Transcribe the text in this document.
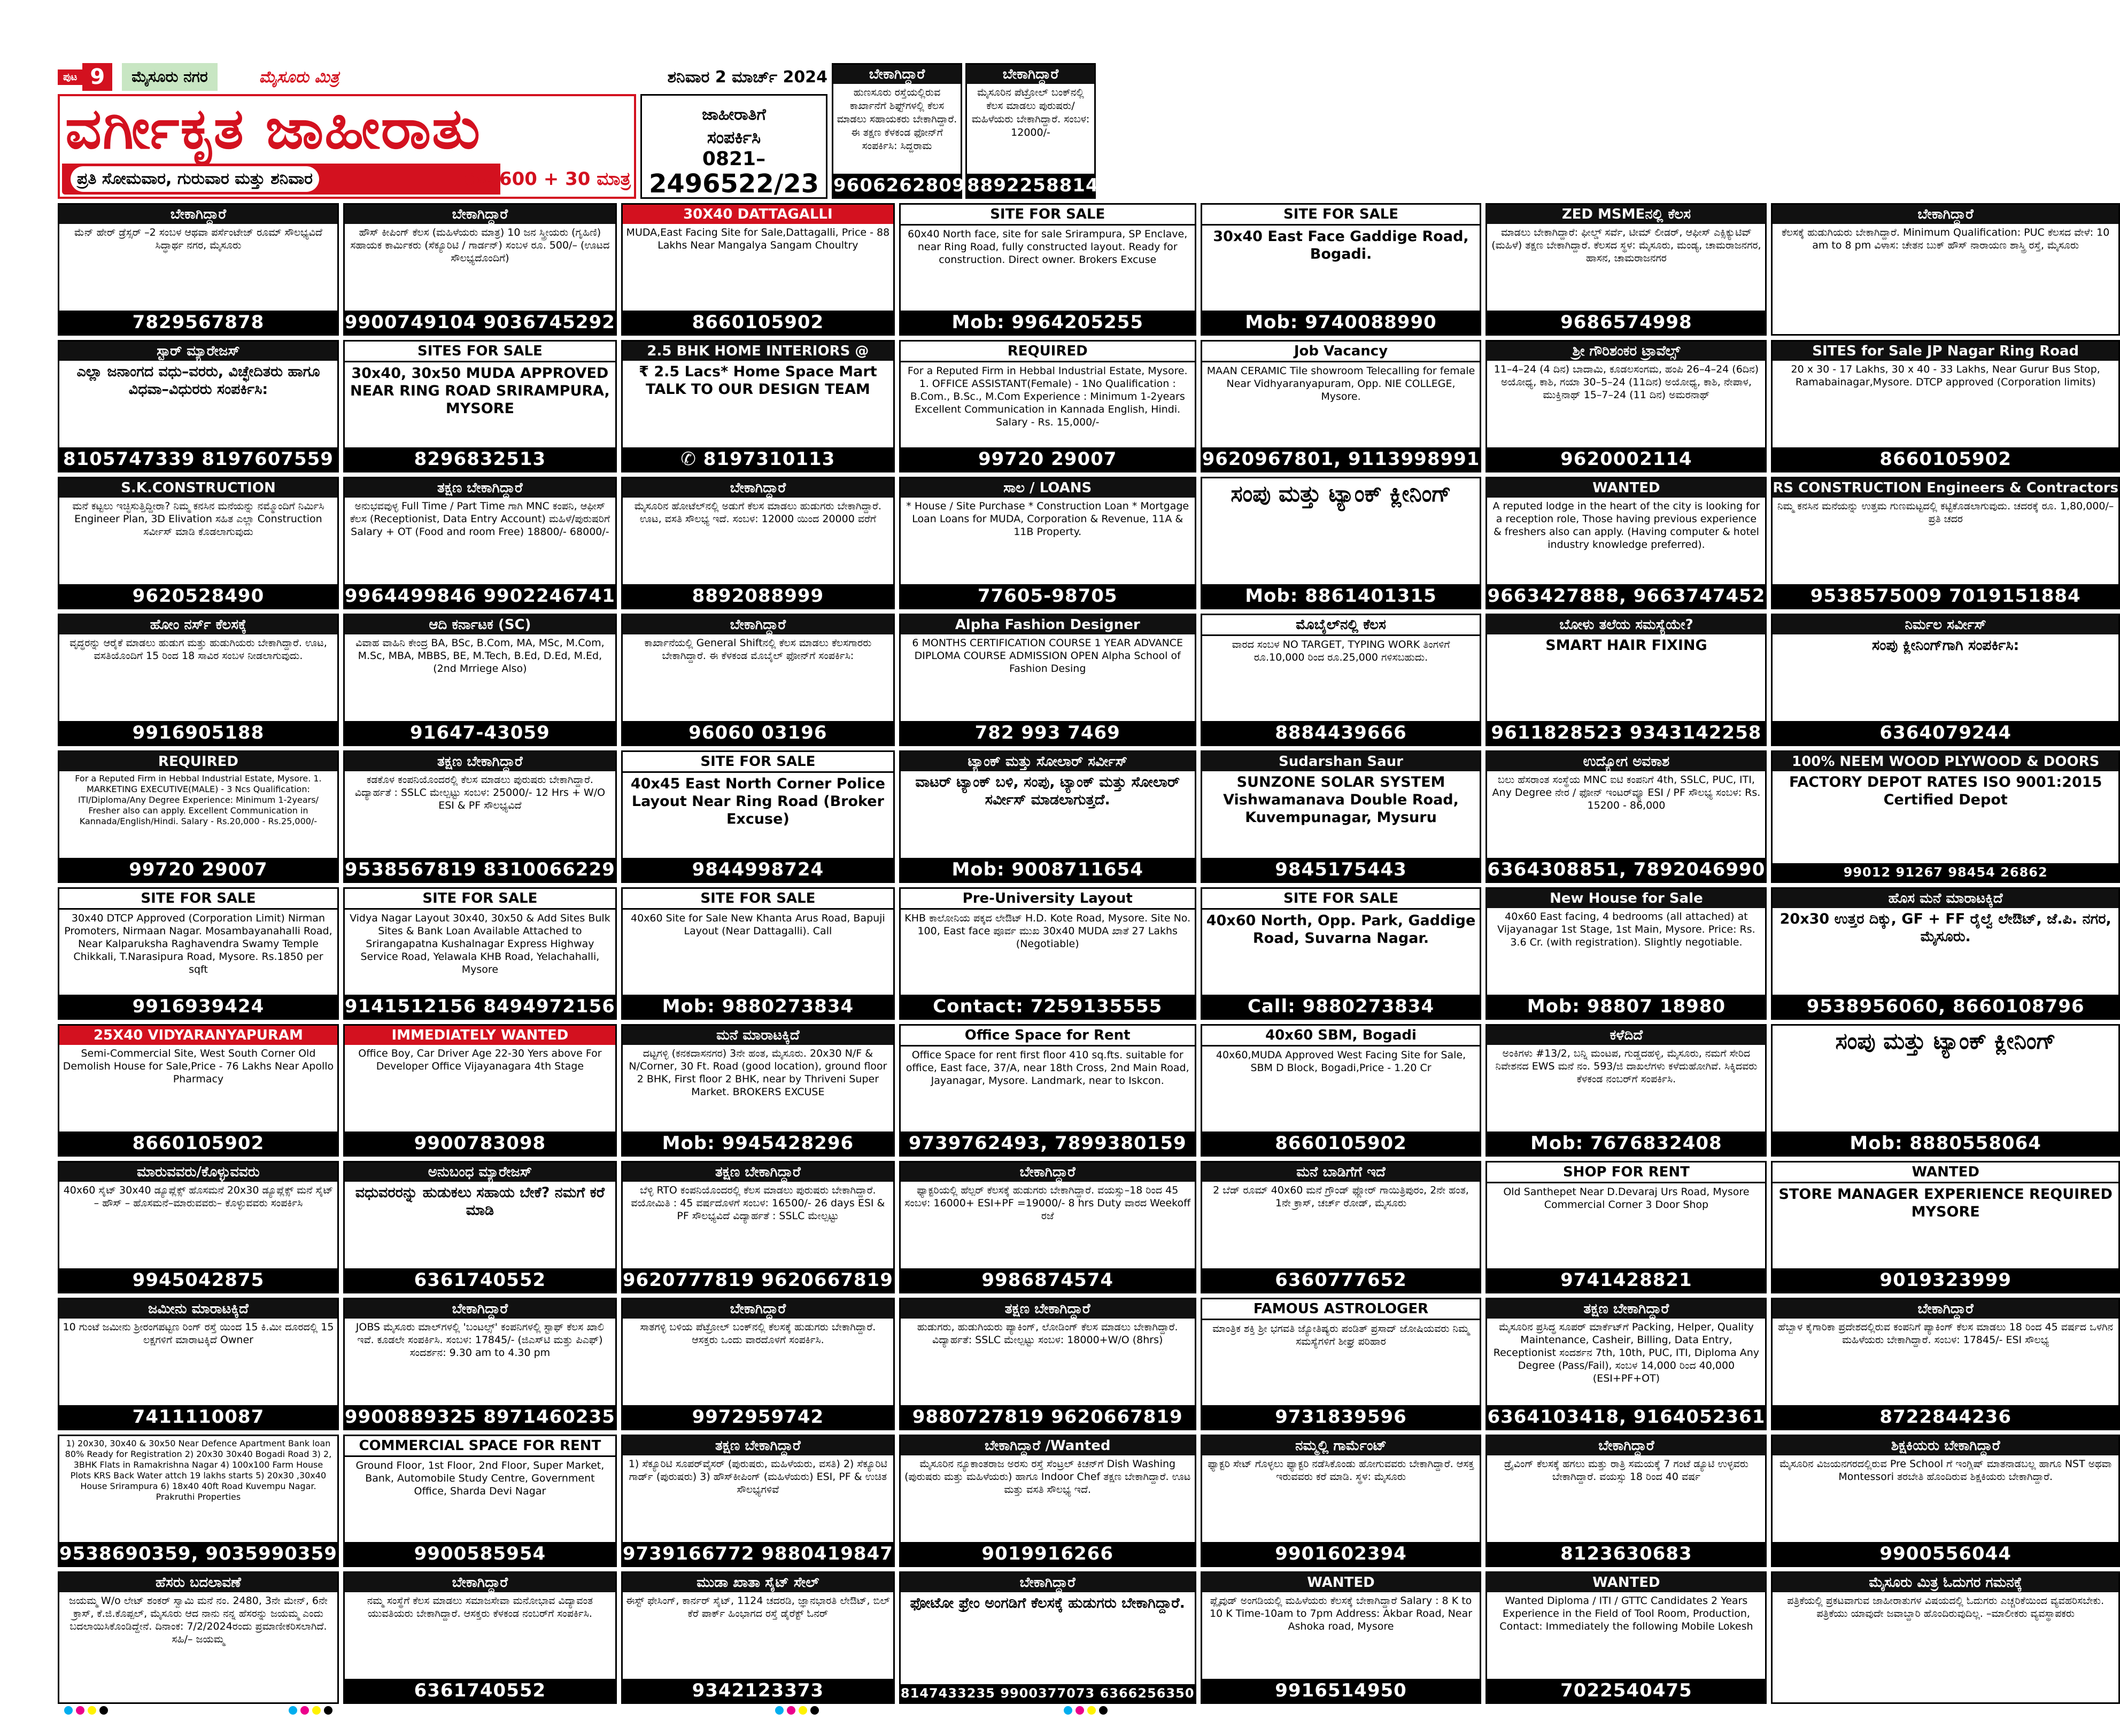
ಪುಟ 9	ಮೈಸೂರು ನಗರ	ಮೈಸೂರು ಮಿತ್ರ	ಶನಿವಾರ 2 ಮಾರ್ಚ್ 2024
ವರ್ಗೀಕೃತ ಜಾಹೀರಾತು
ಪ್ರತಿ ಸೋಮವಾರ, ಗುರುವಾರ ಮತ್ತು ಶನಿವಾರ	ರೂ. 600 + 30 ಮಾತ್ರ
ಜಾಹೀರಾತಿಗೆ
ಸಂಪರ್ಕಿಸಿ
0821–
2496522/23
ಬೇಕಾಗಿದ್ದಾರೆ
ಹುಣಸೂರು ರಸ್ತೆಯಲ್ಲಿರುವ ಕಾರ್ಖಾನೆಗೆ ಶಿಫ್ಟ್‌ಗಳಲ್ಲಿ ಕೆಲಸ ಮಾಡಲು ಸಹಾಯಕರು ಬೇಕಾಗಿದ್ದಾರೆ. ಈ ತಕ್ಷಣ ಕೆಳಕಂಡ ಫೋನ್‌ಗೆ ಸಂಪರ್ಕಿಸಿ: ಸಿದ್ದರಾಮ
9606262809
ಬೇಕಾಗಿದ್ದಾರೆ
ಮೈಸೂರಿನ ಪೆಟ್ರೋಲ್ ಬಂಕ್‌ನಲ್ಲಿ ಕೆಲಸ ಮಾಡಲು ಪುರುಷರು/ಮಹಿಳೆಯರು ಬೇಕಾಗಿದ್ದಾರೆ. ಸಂಬಳ: 12000/-
8892258814
ಬೇಕಾಗಿದ್ದಾರೆ
ಮೆನ್ ಹೇರ್ ಡ್ರೆಸ್ಸರ್ –2 ಸಂಬಳ ಆಥವಾ ಪರ್ಸೆಂಟೇಜ್ ರೂಮ್ ಸೌಲಭ್ಯವಿದೆ ಸಿದ್ಧಾರ್ಥ ನಗರ, ಮೈಸೂರು
7829567878
ಬೇಕಾಗಿದ್ದಾರೆ
ಹೌಸ್ ಕೀಪಿಂಗ್ ಕೆಲಸ (ಮಹಿಳೆಯರು ಮಾತ್ರ) 10 ಜನ ಸ್ತ್ರೀಯರು (ಗೃಹಿಣಿ) ಸಹಾಯಕ ಕಾರ್ಮಿಕರು (ಸೆಕ್ಯೂರಿಟಿ / ಗಾರ್ಡನ್) ಸಂಬಳ ರೂ. 500/– (ಊಟದ ಸೌಲಭ್ಯದೊಂದಿಗೆ)
9900749104 9036745292
30X40 DATTAGALLI
MUDA,East Facing Site for Sale,Dattagalli, Price - 88 Lakhs Near Mangalya Sangam Choultry
8660105902
SITE FOR SALE
60x40 North face, site for sale Srirampura, SP Enclave, near Ring Road, fully constructed layout. Ready for construction. Direct owner. Brokers Excuse
Mob: 9964205255
SITE FOR SALE
30x40 East Face Gaddige Road, Bogadi.
Mob: 9740088990
ZED MSMEನಲ್ಲಿ ಕೆಲಸ
ಮಾಡಲು ಬೇಕಾಗಿದ್ದಾರೆ: ಫೀಲ್ಡ್ ಸರ್ವೆ, ಟೀಮ್ ಲೀಡರ್, ಆಫೀಸ್ ಎಕ್ಸಿಕ್ಯುಟಿವ್ (ಮಹಿಳೆ) ತಕ್ಷಣ ಬೇಕಾಗಿದ್ದಾರೆ. ಕೆಲಸದ ಸ್ಥಳ: ಮೈಸೂರು, ಮಂಡ್ಯ, ಚಾಮರಾಜನಗರ, ಹಾಸನ, ಚಾಮರಾಜನಗರ
9686574998
ಬೇಕಾಗಿದ್ದಾರೆ
ಕೆಲಸಕ್ಕೆ ಹುಡುಗಿಯರು ಬೇಕಾಗಿದ್ದಾರೆ. Minimum Qualification: PUC ಕೆಲಸದ ವೇಳೆ: 10 am to 8 pm ವಿಳಾಸ: ಚೇತನ ಬುಕ್ ಹೌಸ್ ನಾರಾಯಣ ಶಾಸ್ತ್ರಿ ರಸ್ತೆ, ಮೈಸೂರು
ಸ್ಟಾರ್ ಮ್ಯಾರೇಜಸ್
ಎಲ್ಲಾ ಜನಾಂಗದ ವಧು–ವರರು, ವಿಚ್ಛೇದಿತರು ಹಾಗೂ ವಿಧವಾ–ವಿಧುರರು ಸಂಪರ್ಕಿಸಿ:
8105747339 8197607559
SITES FOR SALE
30x40, 30x50 MUDA APPROVED NEAR RING ROAD SRIRAMPURA, MYSORE
8296832513
2.5 BHK HOME INTERIORS @
₹ 2.5 Lacs* Home Space Mart TALK TO OUR DESIGN TEAM
✆ 8197310113
REQUIRED
For a Reputed Firm in Hebbal Industrial Estate, Mysore. 1. OFFICE ASSISTANT(Female) - 1No Qualification : B.Com., B.Sc., M.Com Experience : Minimum 1-2years Excellent Communication in Kannada English, Hindi. Salary - Rs. 15,000/-
99720 29007
Job Vacancy
MAAN CERAMIC Tile showroom Telecalling for female Near Vidhyaranyapuram, Opp. NIE COLLEGE, Mysore.
9620967801, 9113998991
ಶ್ರೀ ಗೌರಿಶಂಕರ ಟ್ರಾವೆಲ್ಸ್
11–4–24 (4 ದಿನ) ಬಾದಾಮಿ, ಕೂಡಲಸಂಗಮ, ಹಂಪಿ 26–4–24 (6ದಿನ) ಅಯೋಧ್ಯ, ಕಾಶಿ, ಗಯಾ 30–5–24 (11ದಿನ) ಅಯೋಧ್ಯ, ಕಾಶಿ, ನೇಪಾಳ, ಮುಕ್ತಿನಾಥ್ 15–7–24 (11 ದಿನ) ಅಮರನಾಥ್
9620002114
SITES for Sale JP Nagar Ring Road
20 x 30 - 17 Lakhs, 30 x 40 - 33 Lakhs, Near Gurur Bus Stop, Ramabainagar,Mysore. DTCP approved (Corporation limits)
8660105902
S.K.CONSTRUCTION
ಮನೆ ಕಟ್ಟಲು ಇಚ್ಛಿಸುತ್ತಿದ್ದೀರಾ? ನಿಮ್ಮ ಕನಸಿನ ಮನೆಯನ್ನು ನಮ್ಮೊಂದಿಗೆ ನಿರ್ಮಿಸಿ Engineer Plan, 3D Elivation ಸಹಿತ ಎಲ್ಲಾ Construction ಸರ್ವೀಸ್ ಮಾಡಿ ಕೊಡಲಾಗುವುದು
9620528490
ತಕ್ಷಣ ಬೇಕಾಗಿದ್ದಾರೆ
ಅನುಭವವುಳ್ಳ Full Time / Part Time ಗಾಗಿ MNC ಕಂಪನಿ, ಆಫೀಸ್ ಕೆಲಸ (Receptionist, Data Entry Account) ಮಹಿಳೆ/ಪುರುಷರಿಗೆ Salary + OT (Food and room Free) 18800/- 68000/-
9964499846 9902246741
ಬೇಕಾಗಿದ್ದಾರೆ
ಮೈಸೂರಿನ ಹೋಟೆಲ್‌ನಲ್ಲಿ ಅಡುಗೆ ಕೆಲಸ ಮಾಡಲು ಹುಡುಗರು ಬೇಕಾಗಿದ್ದಾರೆ. ಊಟ, ವಸತಿ ಸೌಲಭ್ಯ ಇದೆ. ಸಂಬಳ: 12000 ಯಿಂದ 20000 ವರೆಗೆ
8892088999
ಸಾಲ / LOANS
* House / Site Purchase * Construction Loan * Mortgage Loan Loans for MUDA, Corporation & Revenue, 11A & 11B Property.
77605-98705
ಸಂಪು ಮತ್ತು ಟ್ಯಾಂಕ್ ಕ್ಲೀನಿಂಗ್
Mob: 8861401315
WANTED
A reputed lodge in the heart of the city is looking for a reception role, Those having previous experience & freshers also can apply. (Having computer & hotel industry knowledge preferred).
9663427888, 9663747452
RS CONSTRUCTION Engineers & Contractors
ನಿಮ್ಮ ಕನಸಿನ ಮನೆಯನ್ನು ಉತ್ತಮ ಗುಣಮಟ್ಟದಲ್ಲಿ ಕಟ್ಟಿಕೊಡಲಾಗುವುದು. ಚದರಕ್ಕೆ ರೂ. 1,80,000/– ಪ್ರತಿ ಚದರ
9538575009 7019151884
ಹೋಂ ನರ್ಸ್ ಕೆಲಸಕ್ಕೆ
ವೃದ್ಧರನ್ನು ಆರೈಕೆ ಮಾಡಲು ಹುಡುಗ ಮತ್ತು ಹುಡುಗಿಯರು ಬೇಕಾಗಿದ್ದಾರೆ. ಊಟ, ವಸತಿಯೊಂದಿಗೆ 15 ರಿಂದ 18 ಸಾವಿರ ಸಂಬಳ ನೀಡಲಾಗುವುದು.
9916905188
ಆದಿ ಕರ್ನಾಟಕ (SC)
ವಿವಾಹ ವಾಹಿನಿ ಕೇಂದ್ರ BA, BSc, B.Com, MA, MSc, M.Com, M.Sc, MBA, MBBS, BE, M.Tech, B.Ed, D.Ed, M.Ed, (2nd Mrriege Also)
91647-43059
ಬೇಕಾಗಿದ್ದಾರೆ
ಕಾರ್ಖಾನೆಯಲ್ಲಿ General Shiftನಲ್ಲಿ ಕೆಲಸ ಮಾಡಲು ಕೆಲಸಗಾರರು ಬೇಕಾಗಿದ್ದಾರೆ. ಈ ಕೆಳಕಂಡ ಮೊಬೈಲ್ ಫೋನ್‌ಗೆ ಸಂಪರ್ಕಿಸಿ:
96060 03196
Alpha Fashion Designer
6 MONTHS CERTIFICATION COURSE 1 YEAR ADVANCE DIPLOMA COURSE ADMISSION OPEN Alpha School of Fashion Desing
782 993 7469
ಮೊಬೈಲ್‌ನಲ್ಲಿ ಕೆಲಸ
ವಾರದ ಸಂಬಳ NO TARGET, TYPING WORK ತಿಂಗಳಿಗೆ ರೂ.10,000 ರಿಂದ ರೂ.25,000 ಗಳಿಸಬಹುದು.
8884439666
ಬೋಳು ತಲೆಯ ಸಮಸ್ಯೆಯೇ?
SMART HAIR FIXING
9611828523 9343142258
ನಿರ್ಮಲ ಸರ್ವೀಸ್
ಸಂಪು ಕ್ಲೀನಿಂಗ್‌ಗಾಗಿ ಸಂಪರ್ಕಿಸಿ:
6364079244
REQUIRED
For a Reputed Firm in Hebbal Industrial Estate, Mysore. 1. MARKETING EXECUTIVE(MALE) - 3 Ncs Qualification: ITI/Diploma/Any Degree Experience: Minimum 1-2years/ Fresher also can apply. Excellent Communication in Kannada/English/Hindi. Salary - Rs.20,000 - Rs.25,000/-
99720 29007
ತಕ್ಷಣ ಬೇಕಾಗಿದ್ದಾರೆ
ಕಡಕೊಳ ಕಂಪನಿಯೊಂದರಲ್ಲಿ ಕೆಲಸ ಮಾಡಲು ಪುರುಷರು ಬೇಕಾಗಿದ್ದಾರೆ. ವಿದ್ಯಾರ್ಹತೆ : SSLC ಮೇಲ್ಪಟ್ಟು ಸಂಬಳ: 25000/- 12 Hrs + W/O ESI & PF ಸೌಲಭ್ಯವಿದೆ
9538567819 8310066229
SITE FOR SALE
40x45 East North Corner Police Layout Near Ring Road (Broker Excuse)
9844998724
ಟ್ಯಾಂಕ್ ಮತ್ತು ಸೋಲಾರ್ ಸರ್ವೀಸ್
ವಾಟರ್ ಟ್ಯಾಂಕ್ ಬಳಿ, ಸಂಪು, ಟ್ಯಾಂಕ್ ಮತ್ತು ಸೋಲಾರ್ ಸರ್ವೀಸ್ ಮಾಡಲಾಗುತ್ತದೆ.
Mob: 9008711654
Sudarshan Saur
SUNZONE SOLAR SYSTEM Vishwamanava Double Road, Kuvempunagar, Mysuru
9845175443
ಉದ್ಯೋಗ ಅವಕಾಶ
ಬಲು ಹೆಸರಾಂತ ಸಂಸ್ಥೆಯ MNC ಐಟಿ ಕಂಪನಿಗೆ 4th, SSLC, PUC, ITI, Any Degree ನೇರ / ಫೋನ್ ಇಂಟರ್‌ವ್ಯೂ ESI / PF ಸೌಲಭ್ಯ ಸಂಬಳ: Rs. 15200 - 86,000
6364308851, 7892046990
100% NEEM WOOD PLYWOOD & DOORS
FACTORY DEPOT RATES ISO 9001:2015 Certified Depot
99012 91267 98454 26862
SITE FOR SALE
30x40 DTCP Approved (Corporation Limit) Nirman Promoters, Nirmaan Nagar. Mosambayanahalli Road, Near Kalparuksha Raghavendra Swamy Temple Chikkali, T.Narasipura Road, Mysore. Rs.1850 per sqft
9916939424
SITE FOR SALE
Vidya Nagar Layout 30x40, 30x50 & Add Sites Bulk Sites & Bank Loan Available Attached to Srirangapatna Kushalnagar Express Highway Service Road, Yelawala KHB Road, Yelachahalli, Mysore
9141512156 8494972156
SITE FOR SALE
40x60 Site for Sale New Khanta Arus Road, Bapuji Layout (Near Dattagalli). Call
Mob: 9880273834
Pre-University Layout
KHB ಕಾಲೋನಿಯ ಪಕ್ಕದ ಲೇಔಟ್ H.D. Kote Road, Mysore. Site No. 100, East face ಪೂರ್ವ ಮುಖ 30x40 MUDA ಖಾತೆ 27 Lakhs (Negotiable)
Contact: 7259135555
SITE FOR SALE
40x60 North, Opp. Park, Gaddige Road, Suvarna Nagar.
Call: 9880273834
New House for Sale
40x60 East facing, 4 bedrooms (all attached) at Vijayanagar 1st Stage, 1st Main, Mysore. Price: Rs. 3.6 Cr. (with registration). Slightly negotiable.
Mob: 98807 18980
ಹೊಸ ಮನೆ ಮಾರಾಟಕ್ಕಿದೆ
20x30 ಉತ್ತರ ದಿಕ್ಕು, GF + FF ರೈಲ್ವೆ ಲೇಔಟ್, ಜೆ.ಪಿ. ನಗರ, ಮೈಸೂರು.
9538956060, 8660108796
25X40 VIDYARANYAPURAM
Semi-Commercial Site, West South Corner Old Demolish House for Sale,Price - 76 Lakhs Near Apollo Pharmacy
8660105902
IMMEDIATELY WANTED
Office Boy, Car Driver Age 22-30 Yers above For Developer Office Vijayanagara 4th Stage
9900783098
ಮನೆ ಮಾರಾಟಕ್ಕಿದೆ
ದಟ್ಟಗಳ್ಳಿ (ಕನಕದಾಸನಗರ) 3ನೇ ಹಂತ, ಮೈಸೂರು. 20x30 N/F & N/Corner, 30 Ft. Road (good location), ground floor 2 BHK, First floor 2 BHK, near by Thriveni Super Market. BROKERS EXCUSE
Mob: 9945428296
Office Space for Rent
Office Space for rent first floor 410 sq.fts. suitable for office, East face, 37/A, near 18th Cross, 2nd Main Road, Jayanagar, Mysore. Landmark, near to Iskcon.
9739762493, 7899380159
40x60 SBM, Bogadi
40x60,MUDA Approved West Facing Site for Sale, SBM D Block, Bogadi,Price - 1.20 Cr
8660105902
ಕಳೆದಿದೆ
ಅಂಕಿಗಳು #13/2, ಬನ್ನಿ ಮಂಟಪ, ಗುಡ್ಡದಹಳ್ಳಿ, ಮೈಸೂರು, ನಮಗೆ ಸೇರಿದ ನಿವೇಶನದ EWS ಮನೆ ನಂ. 593/ಜಿ ದಾಖಲೆಗಳು ಕಳೆದುಹೋಗಿವೆ. ಸಿಕ್ಕಿದವರು ಕೆಳಕಂಡ ನಂಬರ್‌ಗೆ ಸಂಪರ್ಕಿಸಿ.
Mob: 7676832408
ಸಂಪು ಮತ್ತು ಟ್ಯಾಂಕ್ ಕ್ಲೀನಿಂಗ್
Mob: 8880558064
ಮಾರುವವರು/ಕೊಳ್ಳುವವರು
40x60 ಸೈಟ್ 30x40 ಡ್ಯೂಪ್ಲೆಕ್ಸ್ ಹೊಸಮನೆ 20x30 ಡ್ಯೂಪ್ಲೆಕ್ಸ್ ಮನೆ ಸೈಟ್ – ಹೌಸ್ – ಹೊಸಮನೆ–ಮಾರುವವರು– ಕೊಳ್ಳುವವರು ಸಂಪರ್ಕಿಸಿ
9945042875
ಅನುಬಂಧ ಮ್ಯಾರೇಜಸ್
ವಧುವರರನ್ನು ಹುಡುಕಲು ಸಹಾಯ ಬೇಕೆ? ನಮಗೆ ಕರೆ ಮಾಡಿ
6361740552
ತಕ್ಷಣ ಬೇಕಾಗಿದ್ದಾರೆ
ಬೆಳ್ಳಿ RTO ಕಂಪನಿಯೊಂದರಲ್ಲಿ ಕೆಲಸ ಮಾಡಲು ಪುರುಷರು ಬೇಕಾಗಿದ್ದಾರೆ. ವಯೋಮಿತಿ : 45 ವರ್ಷದೊಳಗೆ ಸಂಬಳ: 16500/- 26 days ESI & PF ಸೌಲಭ್ಯವಿದೆ ವಿದ್ಯಾರ್ಹತೆ : SSLC ಮೇಲ್ಪಟ್ಟು
9620777819 9620667819
ಬೇಕಾಗಿದ್ದಾರೆ
ಫ್ಯಾಕ್ಟರಿಯಲ್ಲಿ ಹೆಲ್ಪರ್ ಕೆಲಸಕ್ಕೆ ಹುಡುಗರು ಬೇಕಾಗಿದ್ದಾರೆ. ವಯಸ್ಸು–18 ರಿಂದ 45 ಸಂಬಳ: 16000+ ESI+PF =19000/- 8 hrs Duty ವಾರದ Weekoff ರಜೆ
9986874574
ಮನೆ ಬಾಡಿಗೆಗೆ ಇದೆ
2 ಬೆಡ್ ರೂಮ್ 40x60 ಮನೆ ಗ್ರೌಂಡ್ ಫ್ಲೋರ್ ಗಾಯಿತ್ರಿಪುರಂ, 2ನೇ ಹಂತ, 1ನೇ ಕ್ರಾಸ್, ಚರ್ಚ್ ರೋಡ್, ಮೈಸೂರು
6360777652
SHOP FOR RENT
Old Santhepet Near D.Devaraj Urs Road, Mysore Commercial Corner 3 Door Shop
9741428821
WANTED
STORE MANAGER EXPERIENCE REQUIRED MYSORE
9019323999
ಜಮೀನು ಮಾರಾಟಕ್ಕಿದೆ
10 ಗುಂಟೆ ಜಮೀನು ಶ್ರೀರಂಗಪಟ್ಟಣ ರಿಂಗ್ ರಸ್ತೆ ಯಿಂದ 15 ಕಿ.ಮೀ ದೂರದಲ್ಲಿ 15 ಲಕ್ಷಗಳಿಗೆ ಮಾರಾಟಕ್ಕಿದೆ Owner
7411110087
ಬೇಕಾಗಿದ್ದಾರೆ
JOBS ಮೈಸೂರು ಮಾಲ್‌ಗಳಲ್ಲಿ 'ಬಂಟಲ್ಸ್' ಕಂಪನಿಗಳಲ್ಲಿ ಸ್ಟಾಫ್ ಕೆಲಸ ಖಾಲಿ ಇವೆ. ಕೂಡಲೇ ಸಂಪರ್ಕಿಸಿ. ಸಂಬಳ: 17845/- (ಜಿಎಸ್‌ಟಿ ಮತ್ತು ಪಿಎಫ್) ಸಂದರ್ಶನ: 9.30 am to 4.30 pm
9900889325 8971460235
ಬೇಕಾಗಿದ್ದಾರೆ
ಸಾತಗಳ್ಳಿ ಬಳಿಯ ಪೆಟ್ರೋಲ್ ಬಂಕ್‌ನಲ್ಲಿ ಕೆಲಸಕ್ಕೆ ಹುಡುಗರು ಬೇಕಾಗಿದ್ದಾರೆ. ಆಸಕ್ತರು ಒಂದು ವಾರದೊಳಗೆ ಸಂಪರ್ಕಿಸಿ.
9972959742
ತಕ್ಷಣ ಬೇಕಾಗಿದ್ದಾರೆ
ಹುಡುಗರು, ಹುಡುಗಿಯರು ಪ್ಯಾಕಿಂಗ್, ಲೋಡಿಂಗ್ ಕೆಲಸ ಮಾಡಲು ಬೇಕಾಗಿದ್ದಾರೆ. ವಿದ್ಯಾರ್ಹತೆ: SSLC ಮೇಲ್ಪಟ್ಟು ಸಂಬಳ: 18000+W/O (8hrs)
9880727819 9620667819
FAMOUS ASTROLOGER
ಮಾಂತ್ರಿಕ ಶಕ್ತಿ ಶ್ರೀ ಭಗವತಿ ಜ್ಯೋತಿಷ್ಯರು ಪಂಡಿತ್ ಪ್ರಸಾದ್ ಜೋಷಿಯವರು ನಿಮ್ಮ ಸಮಸ್ಯೆಗಳಿಗೆ ಶೀಘ್ರ ಪರಿಹಾರ
9731839596
ತಕ್ಷಣ ಬೇಕಾಗಿದ್ದಾರೆ
ಮೈಸೂರಿನ ಪ್ರಸಿದ್ಧ ಸೂಪರ್ ಮಾರ್ಕೆಟ್‌ಗೆ Packing, Helper, Quality Maintenance, Casheir, Billing, Data Entry, Receptionist ಸಂದರ್ಶನ 7th, 10th, PUC, ITI, Diploma Any Degree (Pass/Fail), ಸಂಬಳ 14,000 ರಿಂದ 40,000 (ESI+PF+OT)
6364103418, 9164052361
ಬೇಕಾಗಿದ್ದಾರೆ
ಹೆಬ್ಬಾಳ ಕೈಗಾರಿಕಾ ಪ್ರದೇಶದಲ್ಲಿರುವ ಕಂಪನಿಗೆ ಪ್ಯಾಕಿಂಗ್ ಕೆಲಸ ಮಾಡಲು 18 ರಿಂದ 45 ವರ್ಷದ ಒಳಗಿನ ಮಹಿಳೆಯರು ಬೇಕಾಗಿದ್ದಾರೆ. ಸಂಬಳ: 17845/- ESI ಸೌಲಭ್ಯ
8722844236
1) 20x30, 30x40 & 30x50 Near Defence Apartment Bank loan 80% Ready for Registration 2) 20x30 30x40 Bogadi Road 3) 2, 3BHK Flats in Ramakrishna Nagar 4) 100x100 Farm House Plots KRS Back Water attch 19 lakhs starts 5) 20x30 ,30x40 House Srirampura 6) 18x40 40ft Road Kuvempu Nagar. Prakruthi Properties
9538690359, 9035990359
COMMERCIAL SPACE FOR RENT
Ground Floor, 1st Floor, 2nd Floor, Super Market, Bank, Automobile Study Centre, Government Office, Sharda Devi Nagar
9900585954
ತಕ್ಷಣ ಬೇಕಾಗಿದ್ದಾರೆ
1) ಸೆಕ್ಯೂರಿಟಿ ಸೂಪರ್‌ವೈಸರ್ (ಪುರುಷರು, ಮಹಿಳೆಯರು, ವಸತಿ) 2) ಸೆಕ್ಯೂರಿಟಿ ಗಾರ್ಡ್ (ಪುರುಷರು) 3) ಹೌಸ್‌ಕೀಪಿಂಗ್ (ಮಹಿಳೆಯರು) ESI, PF & ಉಚಿತ ಸೌಲಭ್ಯಗಳಿವೆ
9739166772 9880419847
ಬೇಕಾಗಿದ್ದಾರೆ /Wanted
ಮೈಸೂರಿನ ನ್ಯೂಕಾಂತರಾಜ ಅರಸು ರಸ್ತೆ ಸೆಂಟ್ರಲ್ ಕಿಚನ್‌ಗೆ Dish Washing (ಪುರುಷರು ಮತ್ತು ಮಹಿಳೆಯರು) ಹಾಗೂ Indoor Chef ತಕ್ಷಣ ಬೇಕಾಗಿದ್ದಾರೆ. ಊಟ ಮತ್ತು ವಸತಿ ಸೌಲಭ್ಯ ಇದೆ.
9019916266
ನಮ್ಮಲ್ಲಿ ಗಾರ್ಮೆಂಟ್
ಫ್ಯಾಕ್ಟರಿ ಸೇಟ್ ಗೊಳ್ಳಲು ಫ್ಯಾಕ್ಟರಿ ನಡೆಸಿಕೊಂಡು ಹೋಗುವವರು ಬೇಕಾಗಿದ್ದಾರೆ. ಆಸಕ್ತ ಇರುವವರು ಕರೆ ಮಾಡಿ. ಸ್ಥಳ: ಮೈಸೂರು
9901602394
ಬೇಕಾಗಿದ್ದಾರೆ
ಡ್ರೈವಿಂಗ್ ಕೆಲಸಕ್ಕೆ ಹಗಲು ಮತ್ತು ರಾತ್ರಿ ಸಮಯಕ್ಕೆ 7 ಗಂಟೆ ಡ್ಯೂಟಿ ಉಳ್ಳವರು ಬೇಕಾಗಿದ್ದಾರೆ. ವಯಸ್ಸು 18 ರಿಂದ 40 ವರ್ಷ
8123630683
ಶಿಕ್ಷಕಿಯರು ಬೇಕಾಗಿದ್ದಾರೆ
ಮೈಸೂರಿನ ವಿಜಯನಗರದಲ್ಲಿರುವ Pre School ಗೆ ಇಂಗ್ಲಿಷ್ ಮಾತನಾಡಬಲ್ಲ ಹಾಗೂ NST ಅಥವಾ Montessori ತರಬೇತಿ ಹೊಂದಿರುವ ಶಿಕ್ಷಕಿಯರು ಬೇಕಾಗಿದ್ದಾರೆ.
9900556044
ಹೆಸರು ಬದಲಾವಣೆ
ಜಯಮ್ಮ W/o ಲೇಟ್ ಶಂಕರ್ ಸ್ವಾಮಿ ಮನೆ ನಂ. 2480, 3ನೇ ಮೇನ್, 6ನೇ ಕ್ರಾಸ್, ಕೆ.ಜಿ.ಕೊಪ್ಪಲ್, ಮೈಸೂರು ಆದ ನಾನು ನನ್ನ ಹೆಸರನ್ನು ಜಯಮ್ಮ ಎಂದು ಬದಲಾಯಿಸಿಕೊಂಡಿದ್ದೇನೆ. ದಿನಾಂಕ: 7/2/2024ರಂದು ಪ್ರಮಾಣೀಕರಿಸಲಾಗಿದೆ. ಸಹಿ/– ಜಯಮ್ಮ
ಬೇಕಾಗಿದ್ದಾರೆ
ನಮ್ಮ ಸಂಸ್ಥೆಗೆ ಕೆಲಸ ಮಾಡಲು ಸಮಾಜಸೇವಾ ಮನೋಭಾವ ವಿದ್ಯಾವಂತ ಯುವತಿಯರು ಬೇಕಾಗಿದ್ದಾರೆ. ಆಸಕ್ತರು ಕೆಳಕಂಡ ನಂಬರ್‌ಗೆ ಸಂಪರ್ಕಿಸಿ.
6361740552
ಮುಡಾ ಖಾತಾ ಸೈಟ್ ಸೇಲ್
ಈಸ್ಟ್ ಫೇಸಿಂಗ್, ಕಾರ್ನರ್ ಸೈಟ್, 1124 ಚದರಡಿ, ಜ್ಞಾನಭಾರತಿ ಲೇಔಟ್, ಬಿಲ್ ಕೆರೆ ಪಾರ್ಕ್ ಹಿಂಭಾಗದ ರಸ್ತೆ ಡೈರೆಕ್ಟ್ ಓನರ್
9342123373
ಬೇಕಾಗಿದ್ದಾರೆ
ಫೋಟೋ ಫ್ರೇಂ ಅಂಗಡಿಗೆ ಕೆಲಸಕ್ಕೆ ಹುಡುಗರು ಬೇಕಾಗಿದ್ದಾರೆ.
8147433235 9900377073 6366256350
WANTED
ಪ್ಲೈವುಡ್ ಅಂಗಡಿಯಲ್ಲಿ ಮಹಿಳೆಯರು ಕೆಲಸಕ್ಕೆ ಬೇಕಾಗಿದ್ದಾರೆ Salary : 8 K to 10 K Time-10am to 7pm Address: Akbar Road, Near Ashoka road, Mysore
9916514950
WANTED
Wanted Diploma / ITI / GTTC Candidates 2 Years Experience in the Field of Tool Room, Production, Contact: Immediately the following Mobile Lokesh
7022540475
ಮೈಸೂರು ಮಿತ್ರ ಓದುಗರ ಗಮನಕ್ಕೆ
ಪತ್ರಿಕೆಯಲ್ಲಿ ಪ್ರಕಟವಾಗುವ ಜಾಹೀರಾತುಗಳ ವಿಷಯದಲ್ಲಿ ಓದುಗರು ಎಚ್ಚರಿಕೆಯಿಂದ ವ್ಯವಹರಿಸಬೇಕು. ಪತ್ರಿಕೆಯು ಯಾವುದೇ ಜವಾಬ್ದಾರಿ ಹೊಂದಿರುವುದಿಲ್ಲ. –ಮಾಲೀಕರು ವ್ಯವಸ್ಥಾಪಕರು
